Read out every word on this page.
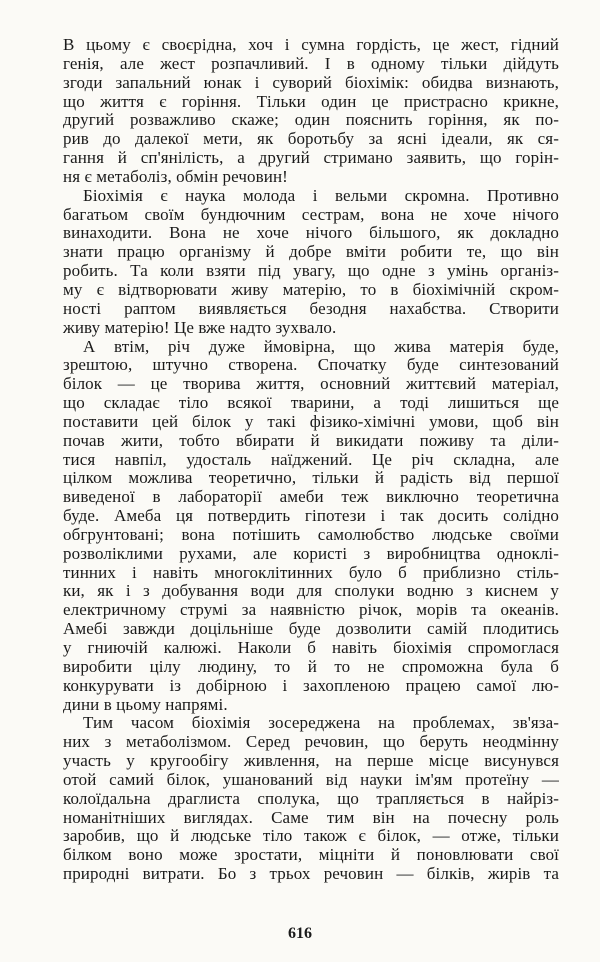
В цьому є своєрідна, хоч і сумна гордість, це жест, гідний
генія, але жест розпачливий. І в одному тільки дійдуть
згоди запальний юнак і суворий біохімік: обидва визнають,
що життя є горіння. Тільки один це пристрасно крикне,
другий розважливо скаже; один пояснить горіння, як по-
рив до далекої мети, як боротьбу за ясні ідеали, як ся-
гання й сп'янілість, а другий стримано заявить, що горін-
ня є метаболіз, обмін речовин!
Біохімія є наука молода і вельми скромна. Противно
багатьом своїм бундючним сестрам, вона не хоче нічого
винаходити. Вона не хоче нічого більшого, як докладно
знати працю організму й добре вміти робити те, що він
робить. Та коли взяти під увагу, що одне з умінь організ-
му є відтворювати живу матерію, то в біохімічній скром-
ності раптом виявляється безодня нахабства. Створити
живу матерію! Це вже надто зухвало.
А втім, річ дуже ймовірна, що жива матерія буде,
зрештою, штучно створена. Спочатку буде синтезований
білок — це творива життя, основний життєвий матеріал,
що складає тіло всякої тварини, а тоді лишиться ще
поставити цей білок у такі фізико-хімічні умови, щоб він
почав жити, тобто вбирати й викидати поживу та діли-
тися навпіл, удосталь наїджений. Це річ складна, але
цілком можлива теоретично, тільки й радість від першої
виведеної в лабораторії амеби теж виключно теоретична
буде. Амеба ця потвердить гіпотези і так досить солідно
обгрунтовані; вона потішить самолюбство людське своїми
розволіклими рухами, але користі з виробництва одноклі-
тинних і навіть многоклітинних було б приблизно стіль-
ки, як і з добування води для сполуки водню з киснем у
електричному струмі за наявністю річок, морів та океанів.
Амебі завжди доцільніше буде дозволити самій плодитись
у гниючій калюжі. Наколи б навіть біохімія спромоглася
виробити цілу людину, то й то не спроможна була б
конкурувати із добірною і захопленою працею самої лю-
дини в цьому напрямі.
Тим часом біохімія зосереджена на проблемах, зв'яза-
них з метаболізмом. Серед речовин, що беруть неодмінну
участь у кругообігу живлення, на перше місце висунувся
отой самий білок, ушанований від науки ім'ям протеїну —
колоїдальна драглиста сполука, що трапляється в найріз-
номанітніших виглядах. Саме тим він на почесну роль
заробив, що й людське тіло також є білок, — отже, тільки
білком воно може зростати, міцніти й поновлювати свої
природні витрати. Бо з трьох речовин — білків, жирів та
616
